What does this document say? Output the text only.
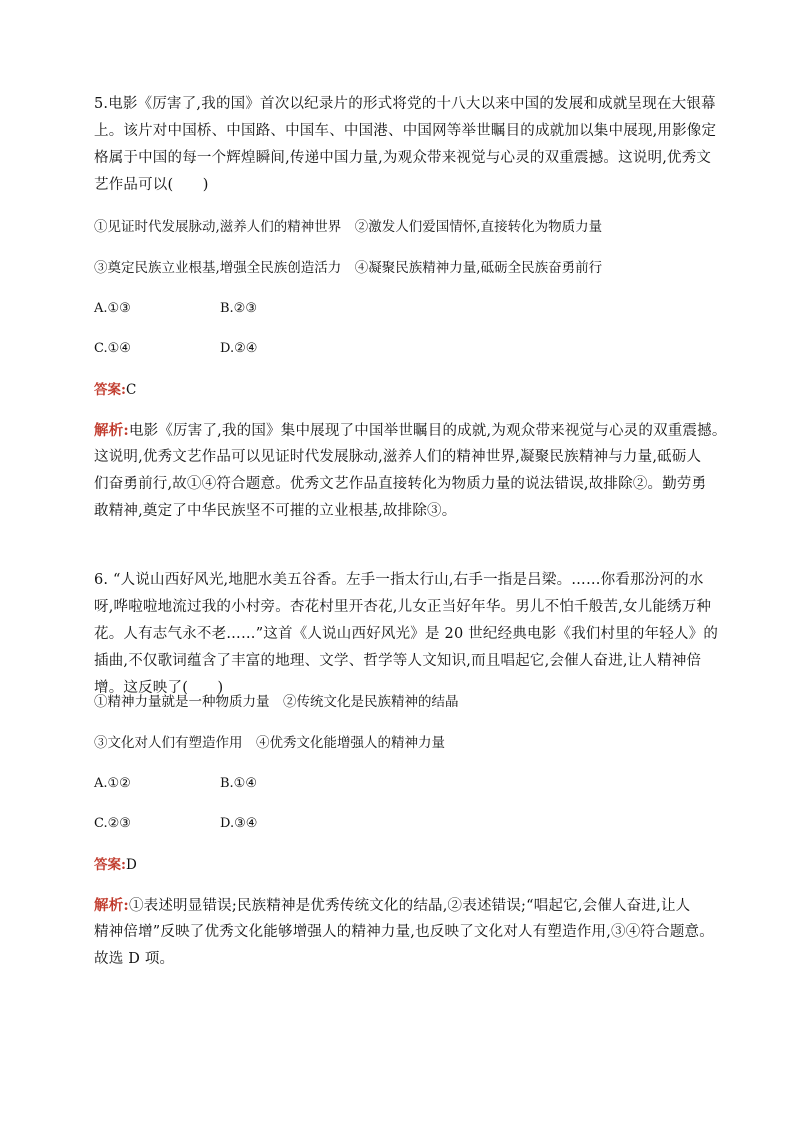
5.电影《厉害了,我的国》首次以纪录片的形式将党的十八大以来中国的发展和成就呈现在大银幕
上。该片对中国桥、中国路、中国车、中国港、中国网等举世瞩目的成就加以集中展现,用影像定
格属于中国的每一个辉煌瞬间,传递中国力量,为观众带来视觉与心灵的双重震撼。这说明,优秀文
艺作品可以(　　)
①见证时代发展脉动,滋养人们的精神世界　②激发人们爱国情怀,直接转化为物质力量
③奠定民族立业根基,增强全民族创造活力　④凝聚民族精神力量,砥砺全民族奋勇前行
A.①③	B.②③
C.①④	D.②④
答案:C
解析:电影《厉害了,我的国》集中展现了中国举世瞩目的成就,为观众带来视觉与心灵的双重震撼。
这说明,优秀文艺作品可以见证时代发展脉动,滋养人们的精神世界,凝聚民族精神与力量,砥砺人
们奋勇前行,故①④符合题意。优秀文艺作品直接转化为物质力量的说法错误,故排除②。勤劳勇
敢精神,奠定了中华民族坚不可摧的立业根基,故排除③。
6. “人说山西好风光,地肥水美五谷香。左手一指太行山,右手一指是吕梁。……你看那汾河的水
呀,哗啦啦地流过我的小村旁。杏花村里开杏花,儿女正当好年华。男儿不怕千般苦,女儿能绣万种
花。人有志气永不老……”这首《人说山西好风光》是 20 世纪经典电影《我们村里的年轻人》的
插曲,不仅歌词蕴含了丰富的地理、文学、哲学等人文知识,而且唱起它,会催人奋进,让人精神倍
增。这反映了(　　)
①精神力量就是一种物质力量　②传统文化是民族精神的结晶
③文化对人们有塑造作用　④优秀文化能增强人的精神力量
A.①②	B.①④
C.②③	D.③④
答案:D
解析:①表述明显错误;民族精神是优秀传统文化的结晶,②表述错误;“唱起它,会催人奋进,让人
精神倍增”反映了优秀文化能够增强人的精神力量,也反映了文化对人有塑造作用,③④符合题意。
故选 D 项。
